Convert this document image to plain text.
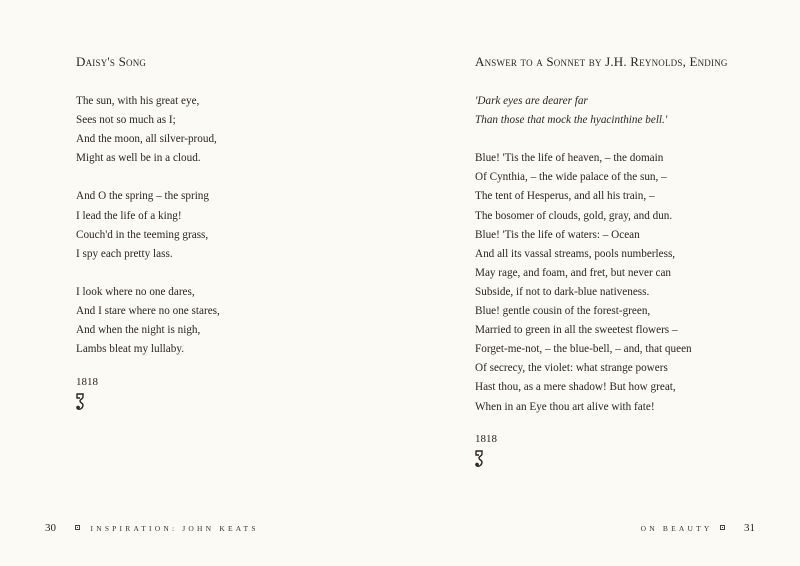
Daisy's Song
The sun, with his great eye,
Sees not so much as I;
And the moon, all silver-proud,
Might as well be in a cloud.
And O the spring – the spring
I lead the life of a king!
Couch'd in the teeming grass,
I spy each pretty lass.
I look where no one dares,
And I stare where no one stares,
And when the night is nigh,
Lambs bleat my lullaby.
1818
30	INSPIRATION: JOHN KEATS
Answer to a Sonnet by J.H. Reynolds, Ending
'Dark eyes are dearer far
Than those that mock the hyacinthine bell.'
Blue! 'Tis the life of heaven, – the domain
Of Cynthia, – the wide palace of the sun, –
The tent of Hesperus, and all his train, –
The bosomer of clouds, gold, gray, and dun.
Blue! 'Tis the life of waters: – Ocean
And all its vassal streams, pools numberless,
May rage, and foam, and fret, but never can
Subside, if not to dark-blue nativeness.
Blue! gentle cousin of the forest-green,
Married to green in all the sweetest flowers –
Forget-me-not, – the blue-bell, – and, that queen
Of secrecy, the violet: what strange powers
Hast thou, as a mere shadow! But how great,
When in an Eye thou art alive with fate!
1818
ON BEAUTY	31
